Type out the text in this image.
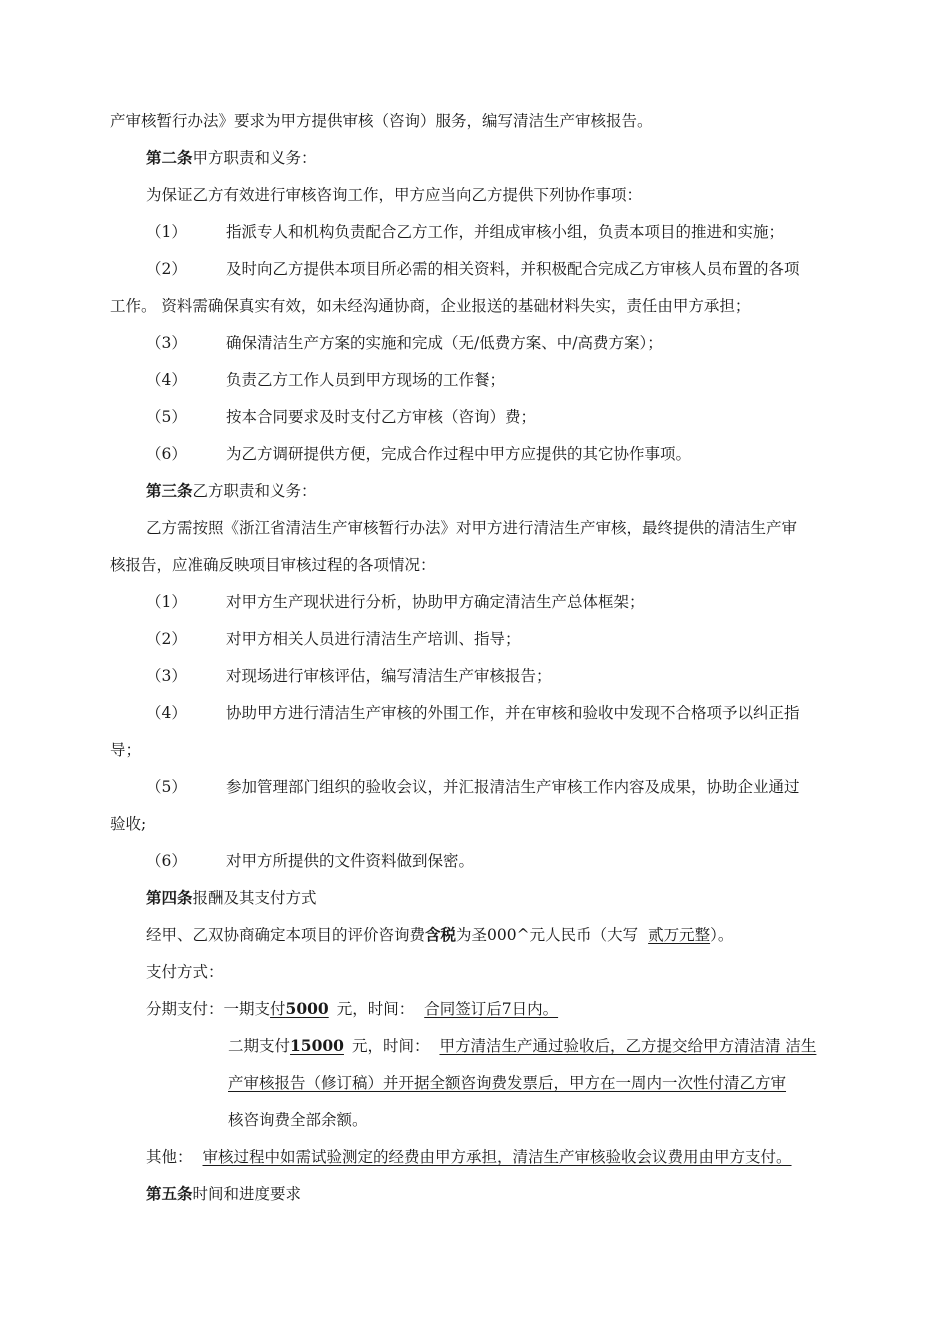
产审核暂行办法》要求为甲方提供审核（咨询）服务，编写清洁生产审核报告。
第二条甲方职责和义务：
为保证乙方有效进行审核咨询工作，甲方应当向乙方提供下列协作事项：
（1）	指派专人和机构负责配合乙方工作，并组成审核小组，负责本项目的推进和实施；
（2）	及时向乙方提供本项目所必需的相关资料，并积极配合完成乙方审核人员布置的各项
工作。 资料需确保真实有效，如未经沟通协商，企业报送的基础材料失实，责任由甲方承担；
（3）	确保清洁生产方案的实施和完成（无/低费方案、中/高费方案）；
（4）	负责乙方工作人员到甲方现场的工作餐；
（5）	按本合同要求及时支付乙方审核（咨询）费；
（6）	为乙方调研提供方便，完成合作过程中甲方应提供的其它协作事项。
第三条乙方职责和义务：
乙方需按照《浙江省清洁生产审核暂行办法》对甲方进行清洁生产审核，最终提供的清洁生产审
核报告，应准确反映项目审核过程的各项情况：
（1）	对甲方生产现状进行分析，协助甲方确定清洁生产总体框架；
（2）	对甲方相关人员进行清洁生产培训、指导；
（3）	对现场进行审核评估，编写清洁生产审核报告；
（4）	协助甲方进行清洁生产审核的外围工作，并在审核和验收中发现不合格项予以纠正指
导；
（5）	参加管理部门组织的验收会议，并汇报清洁生产审核工作内容及成果，协助企业通过
验收;
（6）	对甲方所提供的文件资料做到保密。
第四条报酬及其支付方式
经甲、乙双协商确定本项目的评价咨询费含税为圣000^元人民币（大写 贰万元整）。
支付方式：
分期支付：一期支付5000 元，时间： 合同签订后7日内。
二期支付15000 元，时间： 甲方清洁生产通过验收后，乙方提交给甲方清洁清 洁生
产审核报告（修订稿）并开据全额咨询费发票后，甲方在一周内一次性付清乙方审
核咨询费全部余额。
其他： 审核过程中如需试验测定的经费由甲方承担，清洁生产审核验收会议费用由甲方支付。
第五条时间和进度要求
